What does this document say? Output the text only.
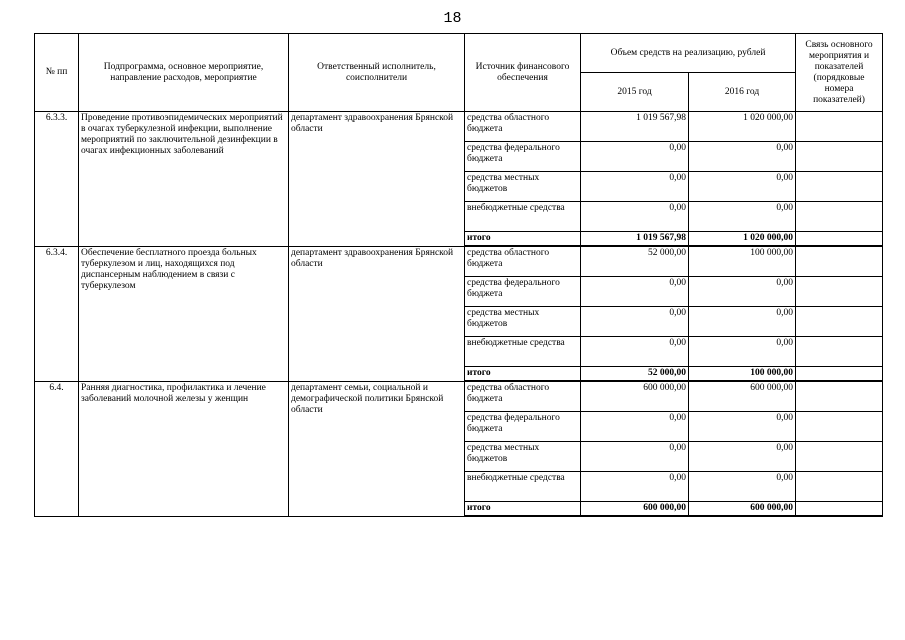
18
№ пп	Подпрограмма, основное мероприятие, направление расходов, мероприятие	Ответственный исполнитель, соисполнители	Источник финансового обеспечения	Объем средств на реализацию, рублей		Связь основного мероприятия и показателей (порядковые номера показателей)
				2015 год	2016 год	
6.3.3.	Проведение противоэпидемических мероприятий в очагах туберкулезной инфекции, выполнение мероприятий по заключительной дезинфекции в очагах инфекционных заболеваний	департамент здравоохранения Брянской области	средства областного бюджета	1 019 567,98	1 020 000,00	
			средства федерального бюджета	0,00	0,00	
			средства местных бюджетов	0,00	0,00	
			внебюджетные средства	0,00	0,00	
			итого	1 019 567,98	1 020 000,00	
6.3.4.	Обеспечение бесплатного проезда больных туберкулезом и лиц, находящихся под диспансерным наблюдением в связи с туберкулезом	департамент здравоохранения Брянской области	средства областного бюджета	52 000,00	100 000,00	
			средства федерального бюджета	0,00	0,00	
			средства местных бюджетов	0,00	0,00	
			внебюджетные средства	0,00	0,00	
			итого	52 000,00	100 000,00	
6.4.	Ранняя диагностика, профилактика и лечение заболеваний молочной железы у женщин	департамент семьи, социальной и демографической политики Брянской области	средства областного бюджета	600 000,00	600 000,00	
			средства федерального бюджета	0,00	0,00	
			средства местных бюджетов	0,00	0,00	
			внебюджетные средства	0,00	0,00	
			итого	600 000,00	600 000,00	
